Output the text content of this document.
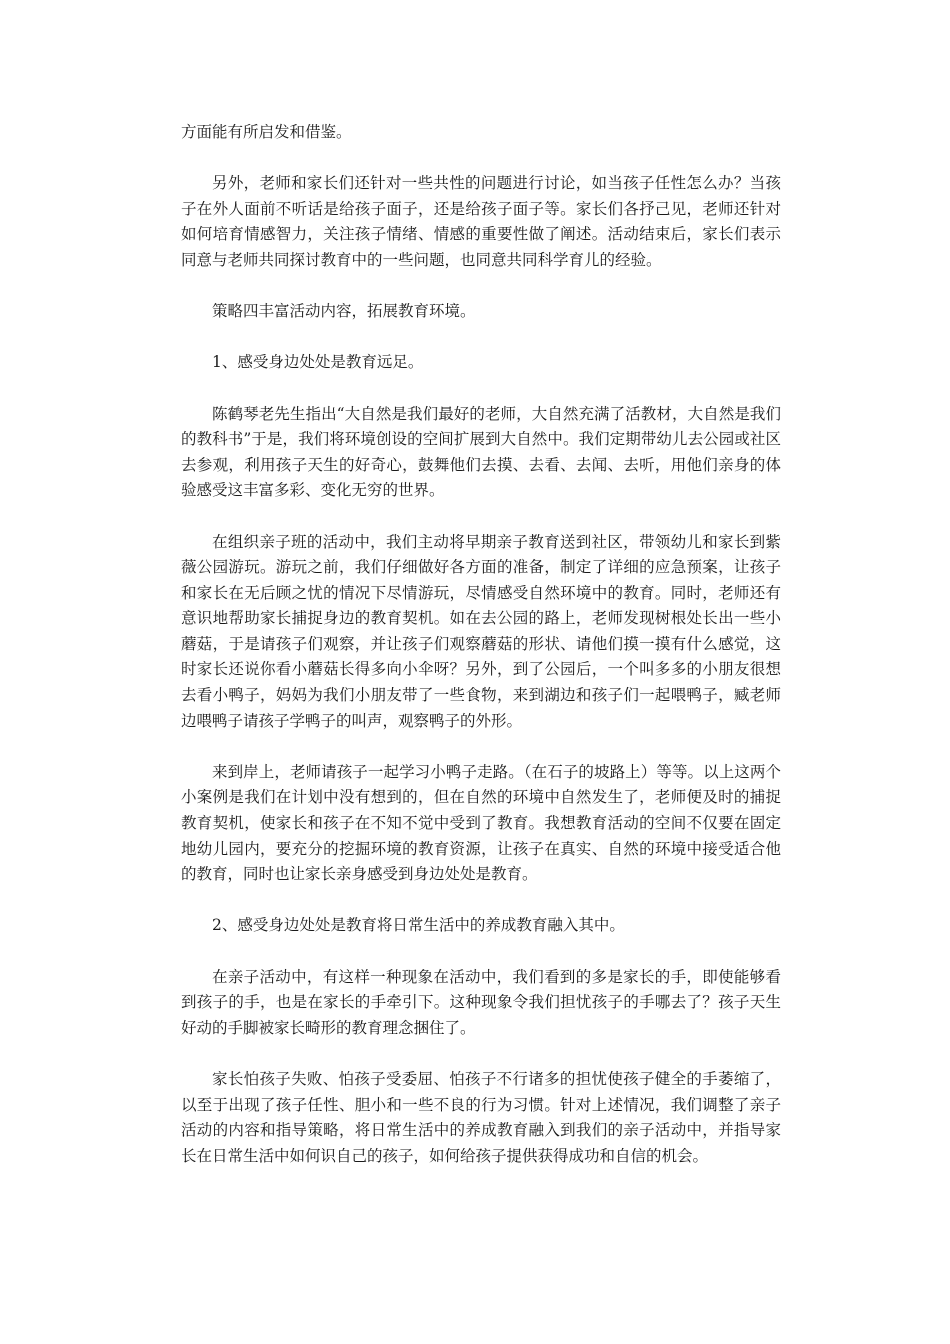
方面能有所启发和借鉴。

另外，老师和家长们还针对一些共性的问题进行讨论，如当孩子任性怎么办？当孩子在外人面前不听话是给孩子面子，还是给孩子面子等。家长们各抒己见，老师还针对如何培育情感智力，关注孩子情绪、情感的重要性做了阐述。活动结束后，家长们表示同意与老师共同探讨教育中的一些问题，也同意共同科学育儿的经验。

策略四丰富活动内容，拓展教育环境。

1、感受身边处处是教育远足。

陈鹤琴老先生指出“大自然是我们最好的老师，大自然充满了活教材，大自然是我们的教科书”于是，我们将环境创设的空间扩展到大自然中。我们定期带幼儿去公园或社区去参观，利用孩子天生的好奇心，鼓舞他们去摸、去看、去闻、去听，用他们亲身的体验感受这丰富多彩、变化无穷的世界。

在组织亲子班的活动中，我们主动将早期亲子教育送到社区，带领幼儿和家长到紫薇公园游玩。游玩之前，我们仔细做好各方面的准备，制定了详细的应急预案，让孩子和家长在无后顾之忧的情况下尽情游玩，尽情感受自然环境中的教育。同时，老师还有意识地帮助家长捕捉身边的教育契机。如在去公园的路上，老师发现树根处长出一些小蘑菇，于是请孩子们观察，并让孩子们观察蘑菇的形状、请他们摸一摸有什么感觉，这时家长还说你看小蘑菇长得多向小伞呀？另外，到了公园后，一个叫多多的小朋友很想去看小鸭子，妈妈为我们小朋友带了一些食物，来到湖边和孩子们一起喂鸭子，臧老师边喂鸭子请孩子学鸭子的叫声，观察鸭子的外形。

来到岸上，老师请孩子一起学习小鸭子走路。（在石子的坡路上）等等。以上这两个小案例是我们在计划中没有想到的，但在自然的环境中自然发生了，老师便及时的捕捉教育契机，使家长和孩子在不知不觉中受到了教育。我想教育活动的空间不仅要在固定地幼儿园内，要充分的挖掘环境的教育资源，让孩子在真实、自然的环境中接受适合他的教育，同时也让家长亲身感受到身边处处是教育。

2、感受身边处处是教育将日常生活中的养成教育融入其中。

在亲子活动中，有这样一种现象在活动中，我们看到的多是家长的手，即使能够看到孩子的手，也是在家长的手牵引下。这种现象令我们担忧孩子的手哪去了？孩子天生好动的手脚被家长畸形的教育理念捆住了。

家长怕孩子失败、怕孩子受委屈、怕孩子不行诸多的担忧使孩子健全的手萎缩了，以至于出现了孩子任性、胆小和一些不良的行为习惯。针对上述情况，我们调整了亲子活动的内容和指导策略，将日常生活中的养成教育融入到我们的亲子活动中，并指导家长在日常生活中如何识自己的孩子，如何给孩子提供获得成功和自信的机会。
